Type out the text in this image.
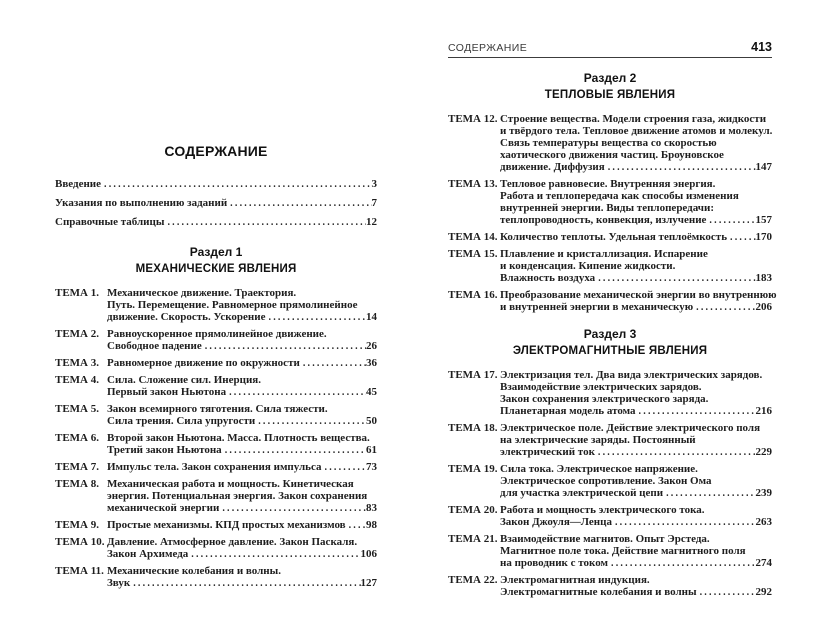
СОДЕРЖАНИЕ
Введение .....	3
Указания по выполнению заданий .....	7
Справочные таблицы .....	12
Раздел 1
МЕХАНИЧЕСКИЕ ЯВЛЕНИЯ
ТЕМА 1. Механическое движение. Траектория.
Путь. Перемещение. Равномерное прямолинейное
движение. Скорость. Ускорение .....	14
ТЕМА 2. Равноускоренное прямолинейное движение.
Свободное падение .....	26
ТЕМА 3. Равномерное движение по окружности .....	36
ТЕМА 4. Сила. Сложение сил. Инерция.
Первый закон Ньютона .....	45
ТЕМА 5. Закон всемирного тяготения. Сила тяжести.
Сила трения. Сила упругости .....	50
ТЕМА 6. Второй закон Ньютона. Масса. Плотность вещества.
Третий закон Ньютона .....	61
ТЕМА 7. Импульс тела. Закон сохранения импульса .....	73
ТЕМА 8. Механическая работа и мощность. Кинетическая
энергия. Потенциальная энергия. Закон сохранения
механической энергии .....	83
ТЕМА 9. Простые механизмы. КПД простых механизмов ..... 98
ТЕМА 10. Давление. Атмосферное давление. Закон Паскаля.
Закон Архимеда .....	106
ТЕМА 11. Механические колебания и волны.
Звук .....	127
СОДЕРЖАНИЕ	413
Раздел 2
ТЕПЛОВЫЕ ЯВЛЕНИЯ
ТЕМА 12. Строение вещества. Модели строения газа, жидкости
и твёрдого тела. Тепловое движение атомов и молекул.
Связь температуры вещества со скоростью
хаотического движения частиц. Броуновское
движение. Диффузия .....	147
ТЕМА 13. Тепловое равновесие. Внутренняя энергия.
Работа и теплопередача как способы изменения
внутренней энергии. Виды теплопередачи:
теплопроводность, конвекция, излучение .....	157
ТЕМА 14. Количество теплоты. Удельная теплоёмкость .....	170
ТЕМА 15. Плавление и кристаллизация. Испарение
и конденсация. Кипение жидкости.
Влажность воздуха .....	183
ТЕМА 16. Преобразование механической энергии во внутреннюю
и внутренней энергии в механическую .....	206
Раздел 3
ЭЛЕКТРОМАГНИТНЫЕ ЯВЛЕНИЯ
ТЕМА 17. Электризация тел. Два вида электрических зарядов.
Взаимодействие электрических зарядов.
Закон сохранения электрического заряда.
Планетарная модель атома .....	216
ТЕМА 18. Электрическое поле. Действие электрического поля
на электрические заряды. Постоянный
электрический ток .....	229
ТЕМА 19. Сила тока. Электрическое напряжение.
Электрическое сопротивление. Закон Ома
для участка электрической цепи .....	239
ТЕМА 20. Работа и мощность электрического тока.
Закон Джоуля—Ленца .....	263
ТЕМА 21. Взаимодействие магнитов. Опыт Эрстеда.
Магнитное поле тока. Действие магнитного поля
на проводник с током .....	274
ТЕМА 22. Электромагнитная индукция.
Электромагнитные колебания и волны .....	292
